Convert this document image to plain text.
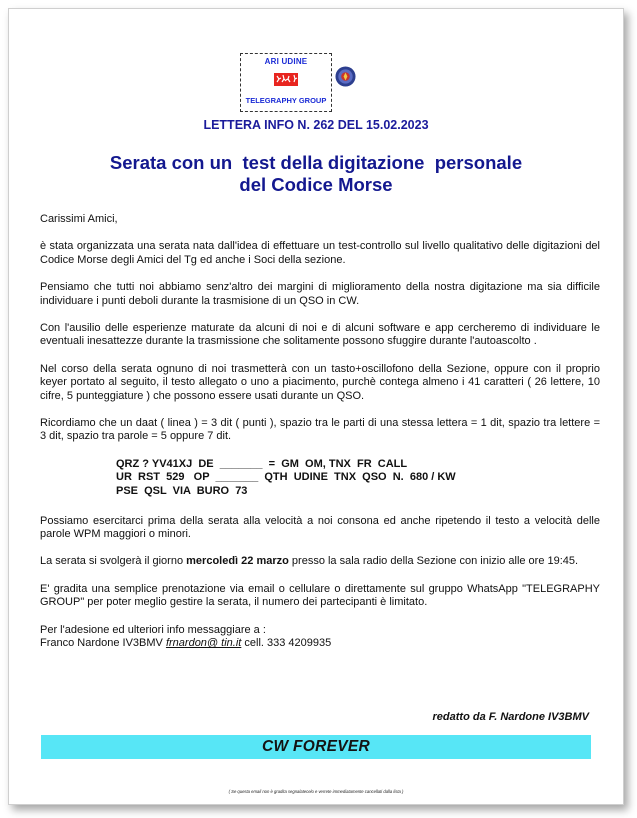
ARI UDINE
TELEGRAPHY GROUP
LETTERA INFO N. 262 DEL 15.02.2023
Serata con un  test della digitazione  personale
del Codice Morse

Carissimi Amici,

è stata organizzata una serata nata dall'idea di effettuare un test-controllo sul livello qualitativo delle digitazioni del Codice Morse degli Amici del Tg ed anche i Soci della sezione.

Pensiamo che tutti noi abbiamo senz'altro dei margini di miglioramento della nostra digitazione ma sia difficile individuare i punti deboli durante la trasmisione di un QSO in CW.

Con l'ausilio delle esperienze maturate da alcuni di noi e di alcuni software e app cercheremo di individuare le eventuali inesattezze durante la trasmissione che solitamente possono sfuggire durante l'autoascolto .

Nel corso della serata ognuno di noi trasmetterà con un tasto+oscillofono della Sezione, oppure con il proprio keyer portato al seguito, il testo allegato o uno a piacimento, purchè contega almeno i 41 caratteri ( 26 lettere, 10 cifre, 5 punteggiature ) che possono essere usati durante un QSO.

Ricordiamo che un daat ( linea ) = 3 dit ( punti ), spazio tra le parti di una stessa lettera = 1 dit, spazio tra lettere = 3 dit, spazio tra parole = 5 oppure 7 dit.

QRZ ? YV41XJ  DE  _______  =  GM  OM, TNX  FR  CALL
UR  RST  529   OP  _______  QTH  UDINE  TNX  QSO  N.  680 / KW
PSE  QSL  VIA  BURO  73

Possiamo esercitarci prima della serata alla velocità a noi consona ed anche ripetendo il testo a velocità delle parole WPM maggiori o minori.

La serata si svolgerà il giorno mercoledì 22 marzo presso la sala radio della Sezione con inizio alle ore 19:45.

E' gradita una semplice prenotazione via email o cellulare o direttamente sul gruppo WhatsApp "TELEGRAPHY GROUP" per poter meglio gestire la serata, il numero dei partecipanti è limitato.

Per l'adesione ed ulteriori info messaggiare a :
Franco Nardone IV3BMV frnardon@ tin.it cell. 333 4209935

redatto da F. Nardone IV3BMV
CW FOREVER
( Se questa email non è gradita segnalatecelo e verrete immediatamente cancellati dalla lista )
